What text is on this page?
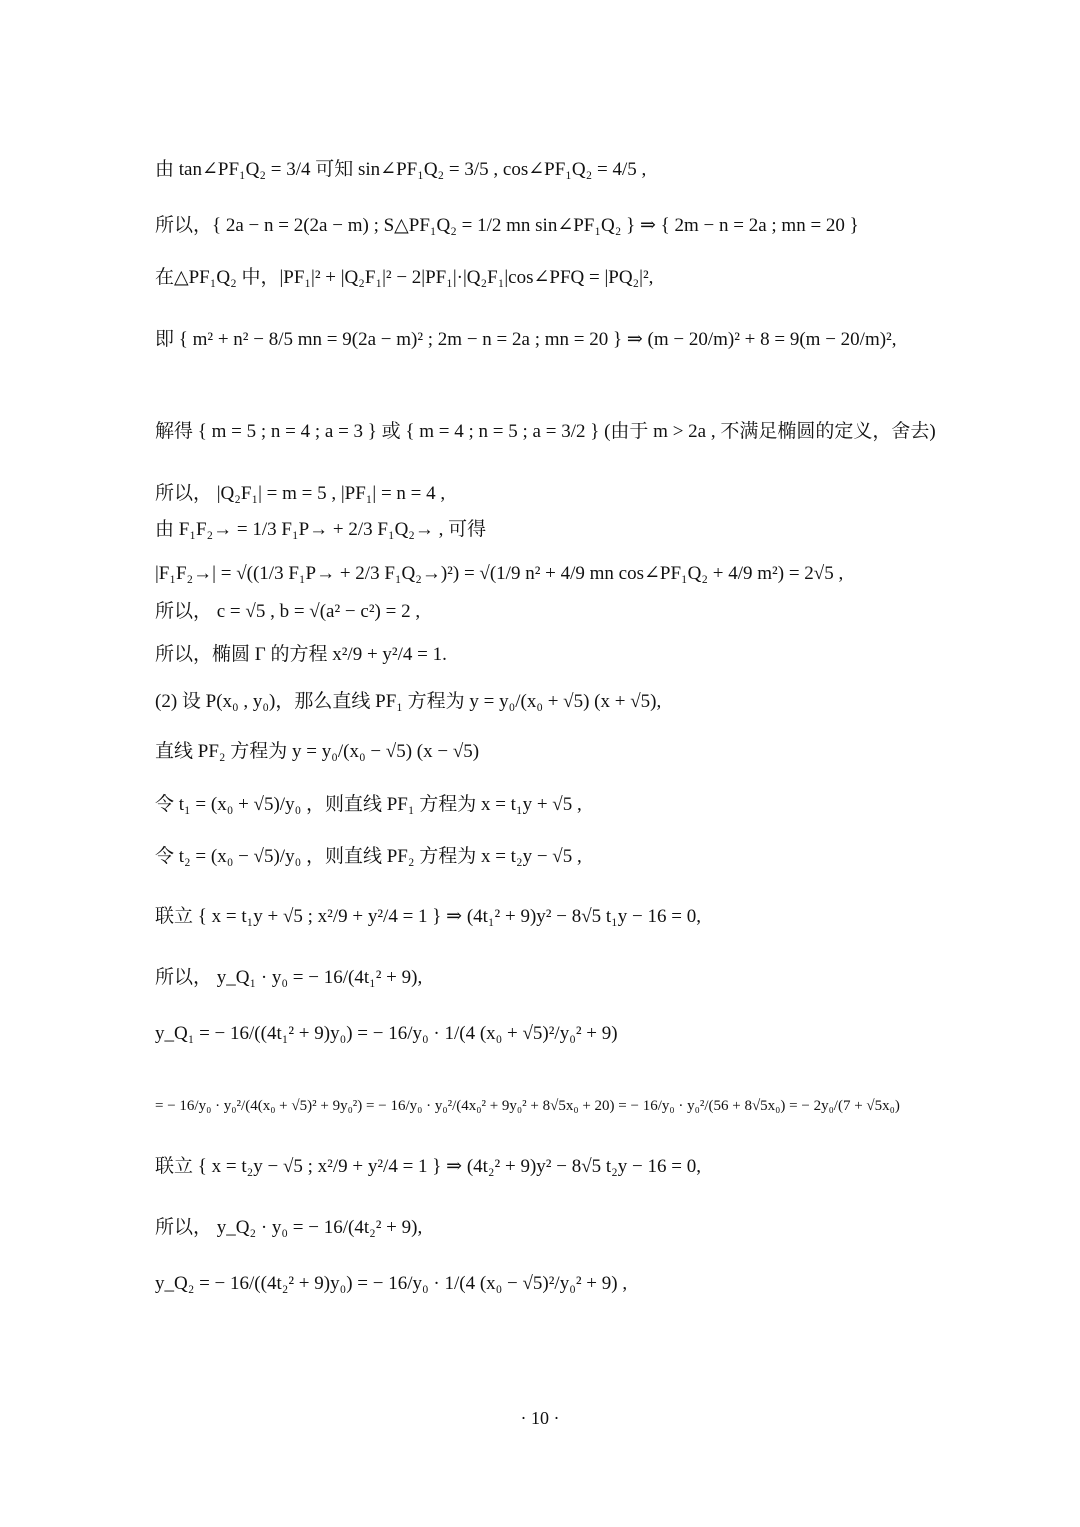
由 tan∠PF₁Q₂ = 3/4 可知 sin∠PF₁Q₂ = 3/5 , cos∠PF₁Q₂ = 4/5 ,
所以，{ 2a − n = 2(2a − m) ; S△PF₁Q₂ = 1/2 mn sin∠PF₁Q₂ } ⇒ { 2m − n = 2a ; mn = 20 }
在△PF₁Q₂ 中，|PF₁|² + |Q₂F₁|² − 2|PF₁|·|Q₂F₁|cos∠PFQ = |PQ₂|²,
即 { m² + n² − 8/5 mn = 9(2a − m)² ; 2m − n = 2a ; mn = 20 } ⇒ (m − 20/m)² + 8 = 9(m − 20/m)²,
解得 { m = 5 ; n = 4 ; a = 3 } 或 { m = 4 ; n = 5 ; a = 3/2 } (由于 m > 2a , 不满足椭圆的定义，舍去)
所以， |Q₂F₁| = m = 5 , |PF₁| = n = 4 ,
由 F₁F₂→ = 1/3 F₁P→ + 2/3 F₁Q₂→ , 可得
|F₁F₂→| = √((1/3 F₁P→ + 2/3 F₁Q₂→)²) = √(1/9 n² + 4/9 mn cos∠PF₁Q₂ + 4/9 m²) = 2√5 ,
所以， c = √5 , b = √(a² − c²) = 2 ,
所以，椭圆 Γ 的方程 x²/9 + y²/4 = 1.
(2) 设 P(x₀ , y₀)，那么直线 PF₁ 方程为 y = y₀/(x₀ + √5) (x + √5),
直线 PF₂ 方程为 y = y₀/(x₀ − √5) (x − √5)
令 t₁ = (x₀ + √5)/y₀ ，则直线 PF₁ 方程为 x = t₁y + √5 ,
令 t₂ = (x₀ − √5)/y₀ ，则直线 PF₂ 方程为 x = t₂y − √5 ,
联立 { x = t₁y + √5 ; x²/9 + y²/4 = 1 } ⇒ (4t₁² + 9)y² − 8√5 t₁y − 16 = 0,
所以， y_Q₁ · y₀ = − 16/(4t₁² + 9),
y_Q₁ = − 16/((4t₁² + 9)y₀) = − 16/y₀ · 1/(4 (x₀ + √5)²/y₀² + 9)
= − 16/y₀ · y₀²/(4(x₀ + √5)² + 9y₀²) = − 16/y₀ · y₀²/(4x₀² + 9y₀² + 8√5x₀ + 20) = − 16/y₀ · y₀²/(56 + 8√5x₀) = − 2y₀/(7 + √5x₀)
联立 { x = t₂y − √5 ; x²/9 + y²/4 = 1 } ⇒ (4t₂² + 9)y² − 8√5 t₂y − 16 = 0,
所以， y_Q₂ · y₀ = − 16/(4t₂² + 9),
y_Q₂ = − 16/((4t₂² + 9)y₀) = − 16/y₀ · 1/(4 (x₀ − √5)²/y₀² + 9) ,
· 10 ·
